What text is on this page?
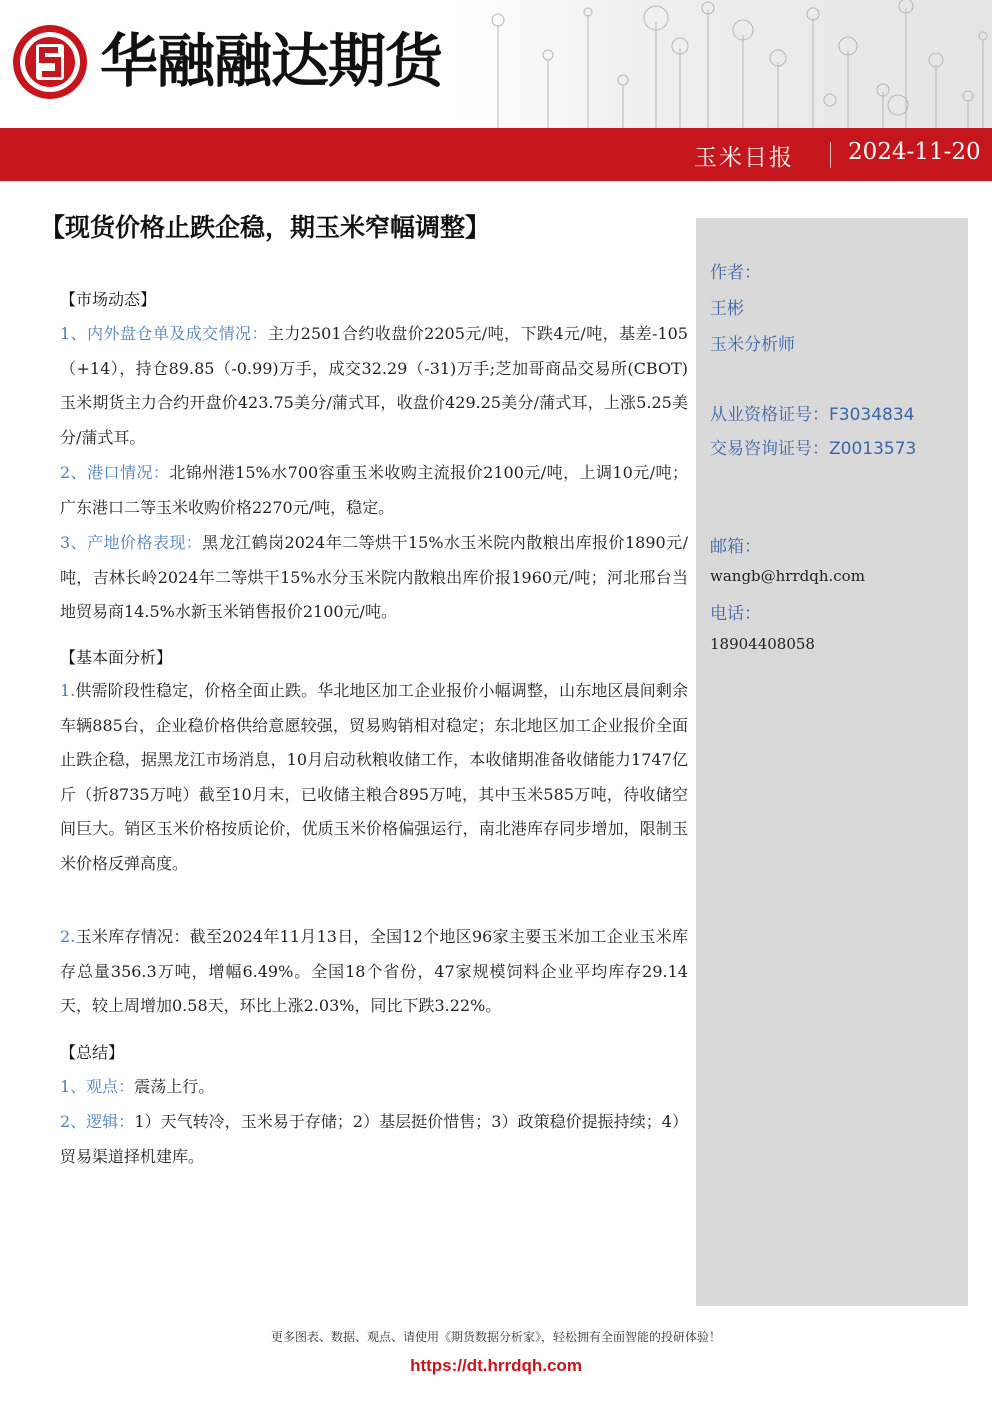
华融融达期货
玉米日报 2024-11-20
【现货价格止跌企稳，期玉米窄幅调整】
【市场动态】
1、内外盘仓单及成交情况：主力2501合约收盘价2205元/吨，下跌4元/吨，基差-105（+14），持仓89.85（-0.99)万手，成交32.29（-31)万手;芝加哥商品交易所(CBOT)玉米期货主力合约开盘价423.75美分/蒲式耳，收盘价429.25美分/蒲式耳，上涨5.25美分/蒲式耳。
2、港口情况：北锦州港15%水700容重玉米收购主流报价2100元/吨，上调10元/吨；广东港口二等玉米收购价格2270元/吨，稳定。
3、产地价格表现：黑龙江鹤岗2024年二等烘干15%水玉米院内散粮出库报价1890元/吨，吉林长岭2024年二等烘干15%水分玉米院内散粮出库价报1960元/吨；河北邢台当地贸易商14.5%水新玉米销售报价2100元/吨。
【基本面分析】
1.供需阶段性稳定，价格全面止跌。华北地区加工企业报价小幅调整，山东地区晨间剩余车辆885台，企业稳价格供给意愿较强，贸易购销相对稳定；东北地区加工企业报价全面止跌企稳，据黑龙江市场消息，10月启动秋粮收储工作，本收储期准备收储能力1747亿斤（折8735万吨）截至10月末，已收储主粮合895万吨，其中玉米585万吨，待收储空间巨大。销区玉米价格按质论价，优质玉米价格偏强运行，南北港库存同步增加，限制玉米价格反弹高度。
2.玉米库存情况：截至2024年11月13日，全国12个地区96家主要玉米加工企业玉米库存总量356.3万吨，增幅6.49%。全国18个省份，47家规模饲料企业平均库存29.14天，较上周增加0.58天，环比上涨2.03%，同比下跌3.22%。
【总结】
1、观点：震荡上行。
2、逻辑：1）天气转冷，玉米易于存储；2）基层挺价惜售；3）政策稳价提振持续；4）贸易渠道择机建库。
作者：
王彬
玉米分析师
从业资格证号：F3034834
交易咨询证号：Z0013573
邮箱：
wangb@hrrdqh.com
电话：
18904408058
更多图表、数据、观点、请使用《期货数据分析家》，轻松拥有全面智能的投研体验！
https://dt.hrrdqh.com
